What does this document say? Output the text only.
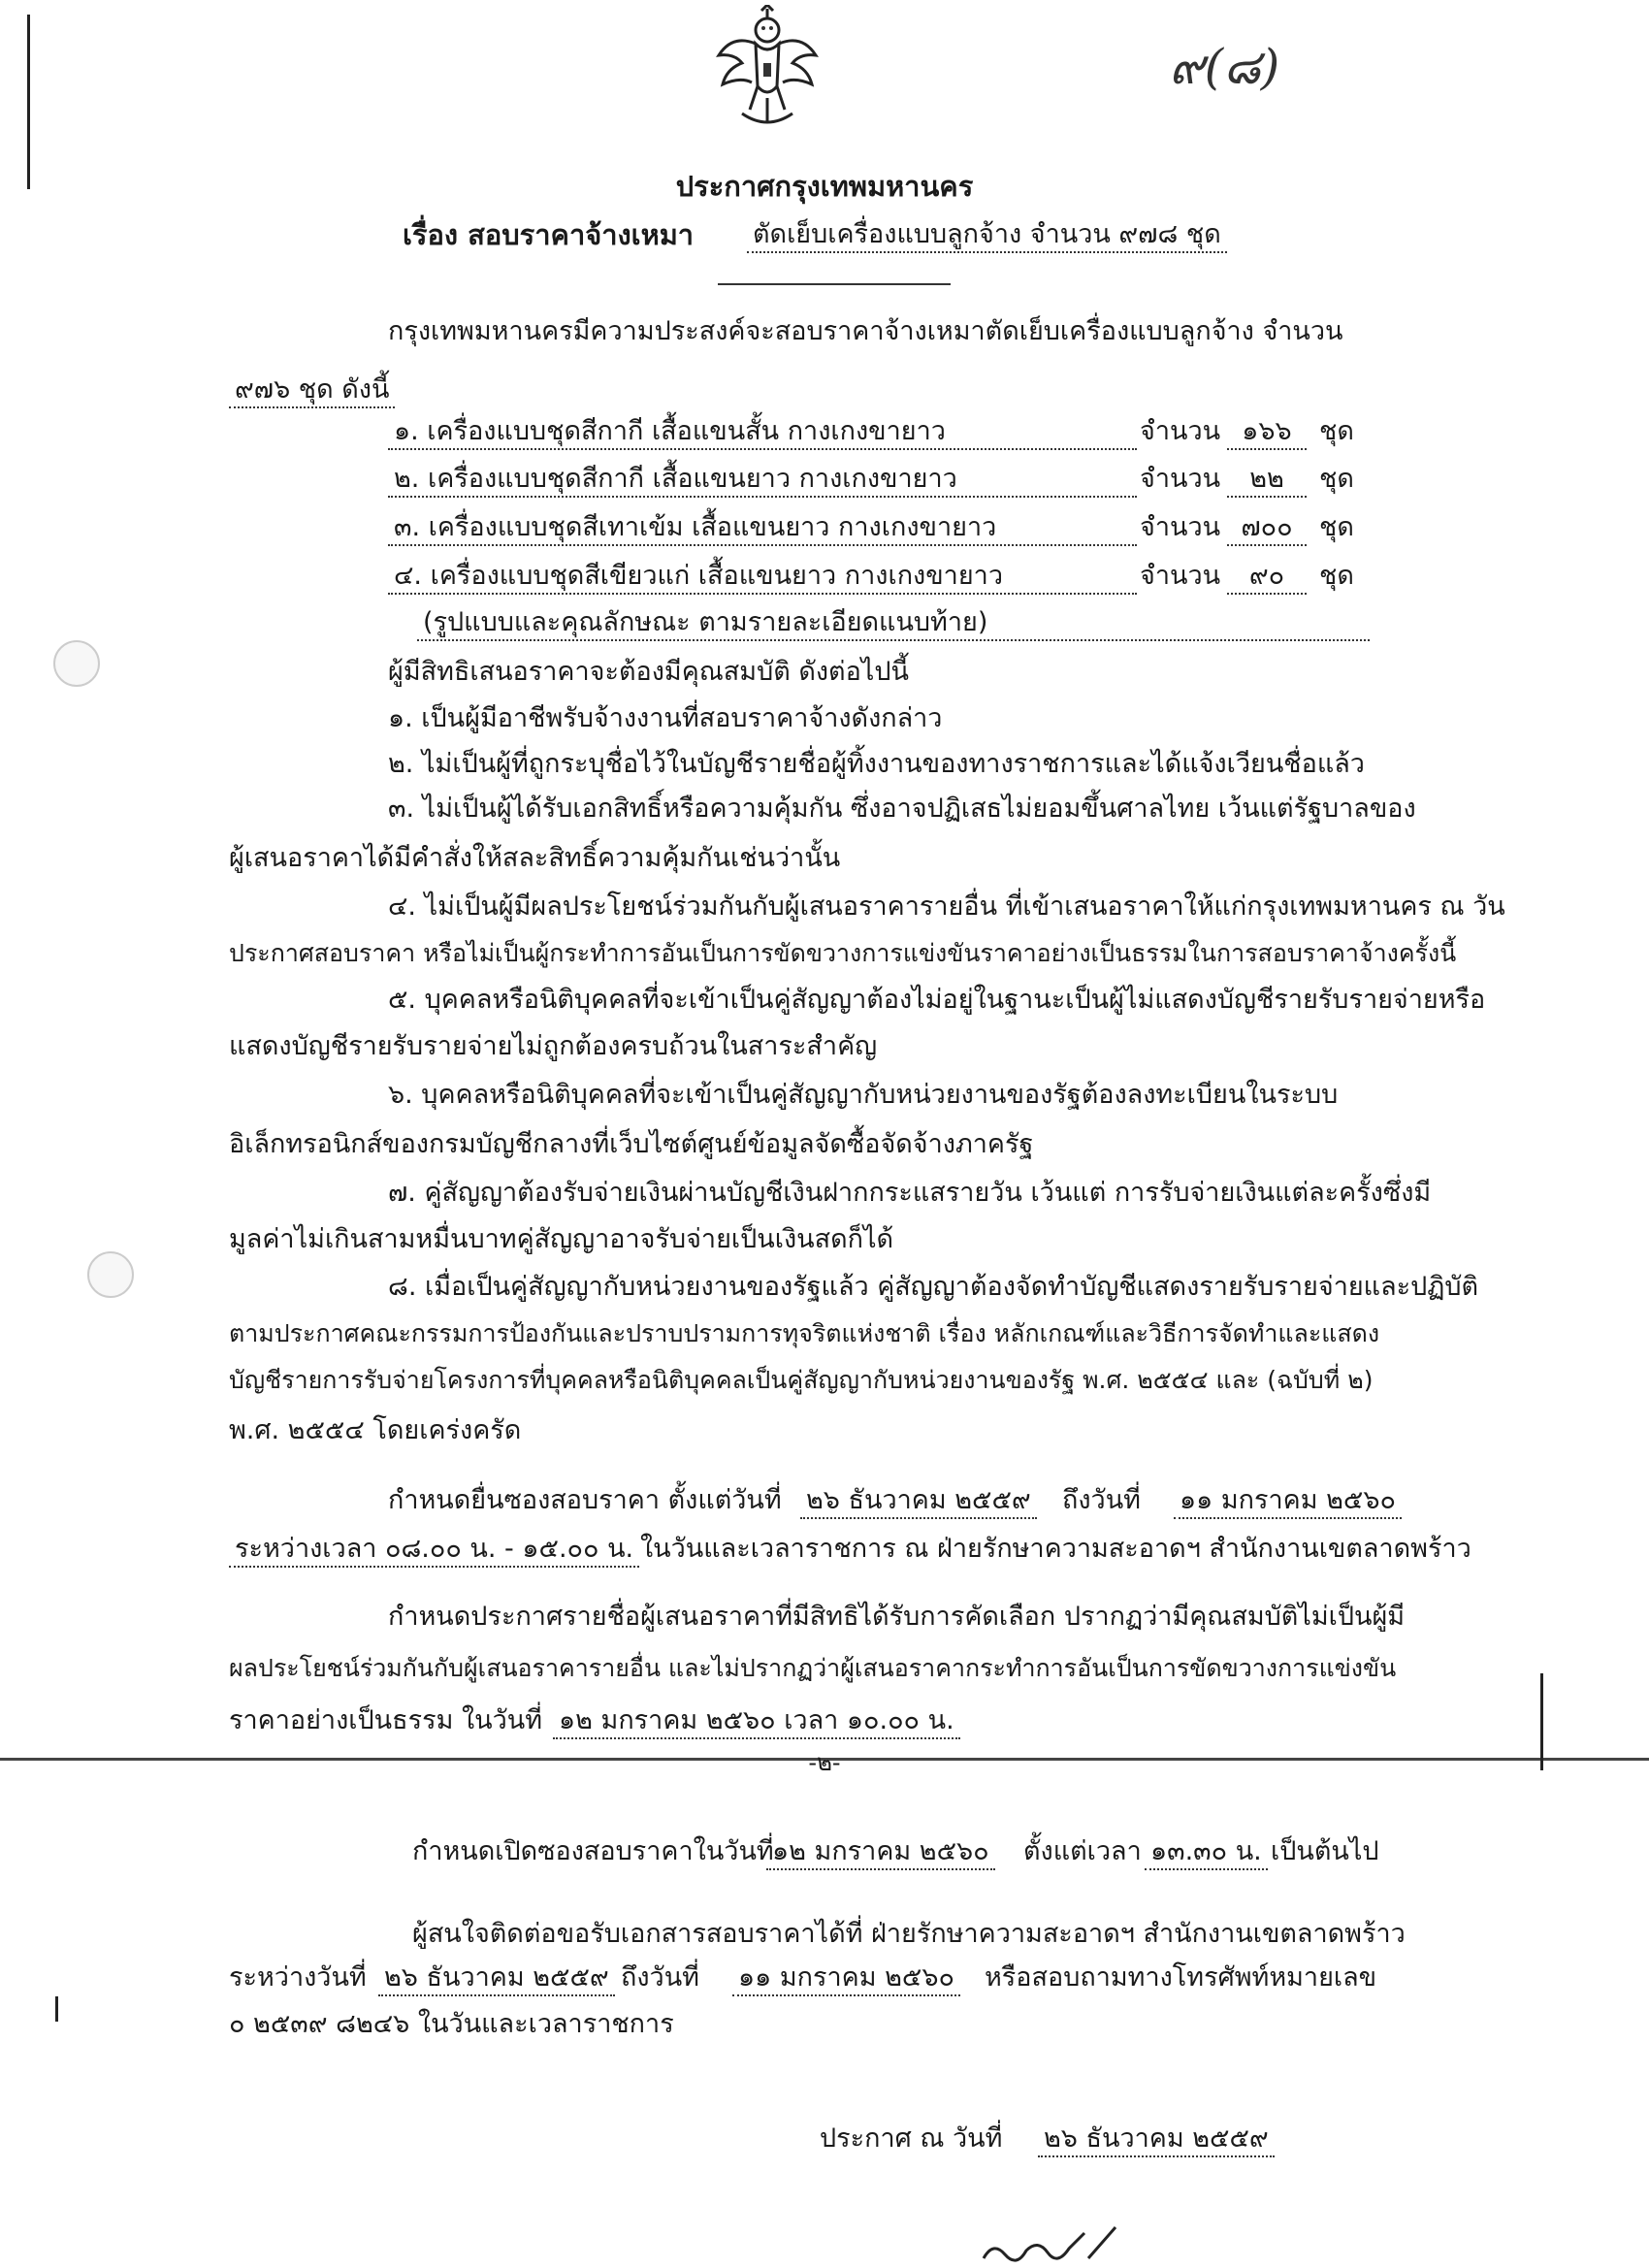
๙(๘)
ประกาศกรุงเทพมหานคร
เรื่อง สอบราคาจ้างเหมา ตัดเย็บเครื่องแบบลูกจ้าง จำนวน ๙๗๘ ชุด
กรุงเทพมหานครมีความประสงค์จะสอบราคาจ้างเหมาตัดเย็บเครื่องแบบลูกจ้าง จำนวน
๙๗๖ ชุด ดังนี้
๑. เครื่องแบบชุดสีกากี เสื้อแขนสั้น กางเกงขายาว	จำนวน ๑๖๖	ชุด
๒. เครื่องแบบชุดสีกากี เสื้อแขนยาว กางเกงขายาว	จำนวน	๒๒	ชุด
๓. เครื่องแบบชุดสีเทาเข้ม เสื้อแขนยาว กางเกงขายาว	จำนวน ๗๐๐	ชุด
๔. เครื่องแบบชุดสีเขียวแก่ เสื้อแขนยาว กางเกงขายาว	จำนวน	๙๐	ชุด
(รูปแบบและคุณลักษณะ ตามรายละเอียดแนบท้าย)
ผู้มีสิทธิเสนอราคาจะต้องมีคุณสมบัติ ดังต่อไปนี้
๑. เป็นผู้มีอาชีพรับจ้างงานที่สอบราคาจ้างดังกล่าว
๒. ไม่เป็นผู้ที่ถูกระบุชื่อไว้ในบัญชีรายชื่อผู้ทิ้งงานของทางราชการและได้แจ้งเวียนชื่อแล้ว
๓. ไม่เป็นผู้ได้รับเอกสิทธิ์หรือความคุ้มกัน ซึ่งอาจปฏิเสธไม่ยอมขึ้นศาลไทย เว้นแต่รัฐบาลของ
ผู้เสนอราคาได้มีคำสั่งให้สละสิทธิ์ความคุ้มกันเช่นว่านั้น
๔. ไม่เป็นผู้มีผลประโยชน์ร่วมกันกับผู้เสนอราคารายอื่น ที่เข้าเสนอราคาให้แก่กรุงเทพมหานคร ณ วัน
ประกาศสอบราคา หรือไม่เป็นผู้กระทำการอันเป็นการขัดขวางการแข่งขันราคาอย่างเป็นธรรมในการสอบราคาจ้างครั้งนี้
๕. บุคคลหรือนิติบุคคลที่จะเข้าเป็นคู่สัญญาต้องไม่อยู่ในฐานะเป็นผู้ไม่แสดงบัญชีรายรับรายจ่ายหรือ
แสดงบัญชีรายรับรายจ่ายไม่ถูกต้องครบถ้วนในสาระสำคัญ
๖. บุคคลหรือนิติบุคคลที่จะเข้าเป็นคู่สัญญากับหน่วยงานของรัฐต้องลงทะเบียนในระบบ
อิเล็กทรอนิกส์ของกรมบัญชีกลางที่เว็บไซต์ศูนย์ข้อมูลจัดซื้อจัดจ้างภาครัฐ
๗. คู่สัญญาต้องรับจ่ายเงินผ่านบัญชีเงินฝากกระแสรายวัน เว้นแต่ การรับจ่ายเงินแต่ละครั้งซึ่งมี
มูลค่าไม่เกินสามหมื่นบาทคู่สัญญาอาจรับจ่ายเป็นเงินสดก็ได้
๘. เมื่อเป็นคู่สัญญากับหน่วยงานของรัฐแล้ว คู่สัญญาต้องจัดทำบัญชีแสดงรายรับรายจ่ายและปฏิบัติ
ตามประกาศคณะกรรมการป้องกันและปราบปรามการทุจริตแห่งชาติ เรื่อง หลักเกณฑ์และวิธีการจัดทำและแสดง
บัญชีรายการรับจ่ายโครงการที่บุคคลหรือนิติบุคคลเป็นคู่สัญญากับหน่วยงานของรัฐ พ.ศ. ๒๕๕๔ และ (ฉบับที่ ๒)
พ.ศ. ๒๕๕๔ โดยเคร่งครัด
กำหนดยื่นซองสอบราคา ตั้งแต่วันที่ ๒๖ ธันวาคม ๒๕๕๙ ถึงวันที่ ๑๑ มกราคม ๒๕๖๐
ระหว่างเวลา ๐๘.๐๐ น. - ๑๕.๐๐ น. ในวันและเวลาราชการ ณ ฝ่ายรักษาความสะอาดฯ สำนักงานเขตลาดพร้าว
กำหนดประกาศรายชื่อผู้เสนอราคาที่มีสิทธิได้รับการคัดเลือก ปรากฏว่ามีคุณสมบัติไม่เป็นผู้มี
ผลประโยชน์ร่วมกันกับผู้เสนอราคารายอื่น และไม่ปรากฏว่าผู้เสนอราคากระทำการอันเป็นการขัดขวางการแข่งขัน
ราคาอย่างเป็นธรรม ในวันที่ ๑๒ มกราคม ๒๕๖๐ เวลา ๑๐.๐๐ น.
-๒-
กำหนดเปิดซองสอบราคาในวันที่
๑๒ มกราคม ๒๕๖๐ ตั้งแต่เวลา ๑๓.๓๐ น. เป็นต้นไป
ผู้สนใจติดต่อขอรับเอกสารสอบราคาได้ที่ ฝ่ายรักษาความสะอาดฯ สำนักงานเขตลาดพร้าว
ระหว่างวันที่ ๒๖ ธันวาคม ๒๕๕๙ ถึงวันที่ ๑๑ มกราคม ๒๕๖๐ หรือสอบถามทางโทรศัพท์หมายเลข
๐ ๒๕๓๙ ๘๒๔๖ ในวันและเวลาราชการ
ประกาศ ณ วันที่ ๒๖ ธันวาคม ๒๕๕๙
